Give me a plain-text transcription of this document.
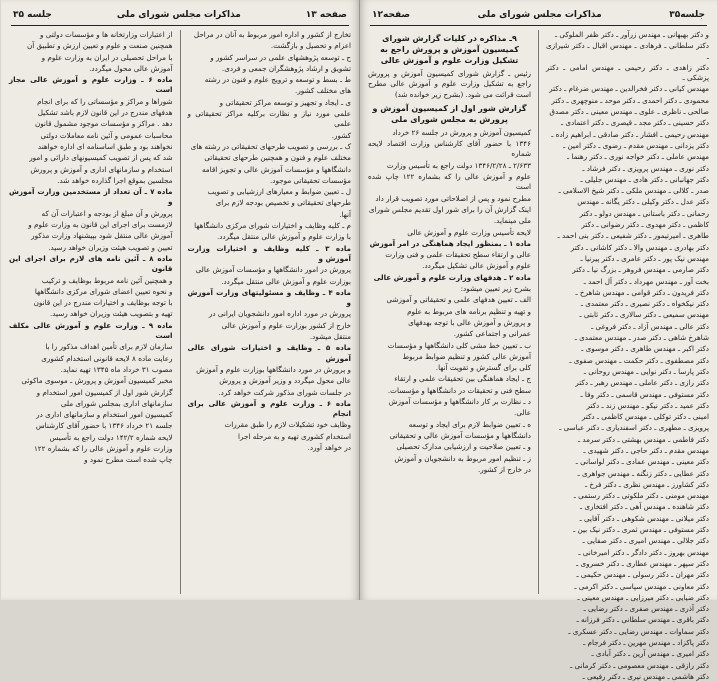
صفحه۱۲	مذاکرات مجلس شورای ملی	جلسه۳۵

و دکتر بهبهانی ـ مهندس زرآور ـ دکتر ظفر الملوکی ـ

دکتر سلطانی ـ فرهادی ـ مهندس اقبال ـ دکتر شیرازی ـ

دکتر زاهدی ـ دکتر رحیمی ـ مهندس امامی ـ دکتر پزشکی ـ

مهندس کیانی ـ دکتر فخرالدین ـ مهندس ضرغام ـ دکتر

محمودی ـ دکتر احمدی ـ دکتر موحد ـ منوچهری ـ دکتر

صالحی ـ ناظری ـ علوی ـ مهندس معینی ـ دکتر مصدق

دکتر حسینی ـ دکتر مجد ـ قیصری ـ دکتر اعتمادی ـ

مهندس رحیمی ـ افشار ـ دکتر صادقی ـ ابراهیم زاده ـ

دکتر یزدانی ـ مهندس مقدم ـ رضوی ـ دکتر امین ـ

مهندس عاملی ـ دکتر خواجه نوری ـ دکتر رهنما ـ

دکتر نوری ـ مهندس پرویزی ـ دکتر فرشاد ـ

دکتر جهانبانی ـ دکتر هادی ـ مهندس جلیلی ـ

صدر ـ کلالی ـ مهندس ملکی ـ دکتر شیخ الاسلامی ـ

دکتر عدل ـ دکتر وکیلی ـ دکتر یگانه ـ مهندس

رحمانی ـ دکتر باستانی ـ مهندس دولو ـ دکتر

کاظمی ـ دکتر مهدوی ـ دکتر رضوانی ـ دکتر

طاهری ـ امیرتیمور ـ دکتر شفیعی ـ دکتر بنی احمد ـ

دکتر بهادری ـ مهندس والا ـ دکتر کاشانی ـ دکتر

مهندس نیک پور ـ دکتر عامری ـ دکتر پیرنیا ـ

دکتر صارمی ـ مهندس فروهر ـ بزرگ نیا ـ دکتر

بخت آور ـ مهندس مهرداد ـ دکتر آل احمد ـ

دکتر فریدون ـ دکتر قوامی ـ مهندس شاهرخ ـ

دکتر نیکخواه ـ دکتر نصیری ـ دکتر معتمدی ـ

مهندس سمیعی ـ دکتر سالاری ـ دکتر ثابتی ـ

دکتر عالی ـ مهندس آزاد ـ دکتر فروغی ـ

شاهرخ شاهی ـ دکتر صدر ـ مهندس معتمدی ـ

دکتر اکبر ـ مهندس طاهری ـ دکتر موسوی ـ

دکتر مصطفوی ـ دکتر حکمت ـ مهندس صفوی ـ

دکتر پارسا ـ دکتر نوایی ـ مهندس روحانی ـ

دکتر رازی ـ دکتر عاملی ـ مهندس رهبر ـ دکتر

دکتر مستوفی ـ مهندس قاسمی ـ دکتر وفا ـ

دکتر عمید ـ دکتر نیکو ـ مهندس زند ـ دکتر

امینی ـ دکتر توکلی ـ مهندس کاظمی ـ دکتر

پرویزی ـ مطهری ـ دکتر اسفندیاری ـ دکتر عباسی ـ

دکتر فاطمی ـ مهندس بهشتی ـ دکتر سرمد ـ

مهندس مقدم ـ دکتر حاجی ـ دکتر شهیدی ـ

دکتر معینی ـ مهندس عمادی ـ دکتر لواسانی ـ

دکتر عطایی ـ دکتر زنگنه ـ مهندس جواهری ـ

دکتر کشاورز ـ مهندس نظری ـ دکتر فرخ ـ

مهندس مومنی ـ دکتر ملکوتی ـ دکتر رستمی ـ

دکتر شاهنده ـ مهندس آهی ـ دکتر افتخاری ـ

دکتر میلانی ـ مهندس شکوهی ـ دکتر آقایی ـ

دکتر مستوفی ـ مهندس ثمری ـ دکتر نیک بین ـ

دکتر جلالی ـ مهندس امیری ـ دکتر صفایی ـ

مهندس بهروز ـ دکتر دادگر ـ دکتر امیرخانی ـ

دکتر سپهر ـ مهندس عطاری ـ دکتر خسروی ـ

دکتر مهران ـ دکتر رسولی ـ مهندس حکیمی ـ

دکتر معاونی ـ مهندس سپاسی ـ دکتر اکرمی ـ

دکتر ضیایی ـ دکتر میرزایی ـ مهندس معینی ـ

دکتر آذری ـ مهندس صفری ـ دکتر رضایی ـ

دکتر باقری ـ مهندس سلطانی ـ دکتر فرزانه ـ

دکتر سماوات ـ مهندس رضایی ـ دکتر عسکری ـ

دکتر پاکزاد ـ مهندس مهرین ـ دکتر فرجام ـ

دکتر امیری ـ مهندس آرین ـ دکتر آبادی ـ

دکتر رازقی ـ مهندس معصومی ـ دکتر کرمانی ـ

دکتر هاشمی ـ مهندس نیری ـ دکتر رفیعی ـ

۹ـ مذاکره در کلیات گزارش شورای کمیسیون آموزش و پرورش راجع به تشکیل وزارت علوم و آموزش عالی

رئیس ـ گزارش شورای کمیسیون آموزش و پرورش راجع به تشکیل وزارت علوم و آموزش عالی مطرح است قرائت می شود. (بشرح زیر خوانده شد)

گزارش شور اول از کمیسیون آموزش و پرورش به مجلس شورای ملی

کمیسیون آموزش و پرورش در جلسه ۲۶ خرداد

۱۳۴۶ با حضور آقای کارشناس وزارت اقتصاد لایحه شماره

۲/۶۳۳ ـ ۱۳۴۶/۲/۲۸ دولت راجع به تأسیس وزارت

علوم و آموزش عالی را که بشماره ۱۲۲ چاپ شده است

مطرح نمود و پس از اصلاحاتی مورد تصویب قرار داد

اینک گزارش آن را برای شور اول تقدیم مجلس شورای

ملی مینماید.

لایحه تأسیس وزارت علوم و آموزش عالی

ماده ۱ ـ بمنظور ایجاد هماهنگی در امر آموزش

عالی و ارتقاء سطح تحقیقات علمی و فنی وزارت

علوم و آموزش عالی تشکیل میگردد.

ماده ۲ ـ هدفهای وزارت علوم و آموزش عالی

بشرح زیر تعیین میشود:

الف ـ تعیین هدفهای علمی و تحقیقاتی و آموزشی

و تهیه و تنظیم برنامه های مربوط به علوم

و پرورش و آموزش عالی با توجه بهدفهای

عمرانی و اجتماعی کشور.

ب ـ تعیین خط مشی کلی دانشگاهها و مؤسسات

آموزش عالی کشور و تنظیم ضوابط مربوط

کلی برای گسترش و تقویت آنها.

ج ـ ایجاد هماهنگی بین تحقیقات علمی و ارتقاء

سطح فنی و تحقیقات در دانشگاهها و مؤسسات.

د ـ نظارت بر کار دانشگاهها و مؤسسات آموزش

عالی.

ه ـ تعیین ضوابط لازم برای ایجاد و توسعه

دانشگاهها و مؤسسات آموزش عالی و تحقیقاتی

و ـ تعیین صلاحیت و ارزشیابی مدارک تحصیلی

ز ـ تنظیم امور مربوط به دانشجویان و آموزش

در خارج از کشور.

جلسه ۳۵	مذاکرات مجلس شورای ملی	صفحه ۱۳

تخارج از کشور و اداره امور مربوط به آنان در مراحل

اعزام و تحصیل و بازگشت.

ح ـ توسعه پژوهشهای علمی در سراسر کشور و

تشویق و ارشاد پژوهشگران جمعی و فردی.

ط ـ بسط و توسعه و ترویج علوم و فنون در رشته

های مختلف کشور.

ی ـ ایجاد و تجهیز و توسعه مراکز تحقیقاتی و

علمی مورد نیاز و نظارت برکلیه مراکز تحقیقاتی و علمی

کشور.

ک ـ بررسی و تصویب طرحهای تحقیقاتی در رشته های

مختلف علوم و فنون و همچنین طرحهای تحقیقاتی

دانشگاهها و مؤسسات آموزش عالی و تجویز اقامه

مؤسسات تحقیقاتی موجود.

ل ـ تعیین ضوابط و معیارهای ارزشیابی و تصویب

طرحهای تحقیقاتی و تخصیص بودجه لازم برای

آنها.

م ـ کلیه وظایف و اختیارات شورای مرکزی دانشگاهها

با وزارت علوم و آموزش عالی منتقل میگردد.

ماده ۳ ـ کلیه وظایف و اختیارات وزارت آموزش و

پرورش در امور دانشگاهها و مؤسسات آموزش عالی

بوزارت علوم و آموزش عالی منتقل میگردد.

ماده ۴ ـ وظایف و مسئولیتهای وزارت آموزش و

پرورش در مورد اداره امور دانشجویان ایرانی در

خارج از کشور بوزارت علوم و آموزش عالی

منتقل میشود.

ماده ۵ ـ وظایف و اختیارات شورای عالی آموزش

و پرورش در مورد دانشگاهها بوزارت علوم و آموزش

عالی محول میگردد و وزیر آموزش و پرورش

در جلسات شورای مذکور شرکت خواهد کرد.

ماده ۶ ـ وزارت علوم و آموزش عالی برای انجام

وظایف خود تشکیلات لازم را طبق مقررات

استخدام کشوری تهیه و به مرحله اجرا

در خواهد آورد.

از اعتبارات وزارتخانه ها و مؤسسات دولتی و

همچنین صنعت و علوم و تعیین ارزش و تطبیق آن

با مراحل تحصیلی در ایران به وزارت علوم و

آموزش عالی محول میگردد.

ماده ۶ ـ وزارت علوم و آموزش عالی مجاز است

شوراها و مراکز و مؤسساتی را که برای انجام

هدفهای مندرج در این قانون لازم باشد تشکیل

دهد . مراکز و مؤسسات موجود مشمول قانون

محاسبات عمومی و آئین نامه معاملات دولتی

نخواهند بود و طبق اساسنامه ای اداره خواهند

شد که پس از تصویب کمیسیونهای دارائی و امور

استخدام و سازمانهای اداری و آموزش و پرورش

مجلسین بموقع اجرا گذارده خواهد شد.

ماده ۷ ـ آن تعداد از مستخدمین وزارت آموزش و

پرورش و آن مبلغ از بودجه و اعتبارات آن که

لازمست برای اجرای این قانون به وزارت علوم و

آموزش عالی منتقل شود بپیشنهاد وزارت مذکور

تعیین و تصویب هیئت وزیران خواهد رسید.

ماده ۸ ـ آئین نامه های لازم برای اجرای این قانون

و همچنین آئین نامه مربوط بوظایف و ترکیب

و نحوه تعیین اعضای شورای مرکزی دانشگاهها

با توجه بوظایف و اختیارات مندرج در این قانون

تهیه و بتصویب هیئت وزیران خواهد رسید.

ماده ۹ ـ وزارت علوم و آموزش عالی مکلف است

سازمان لازم برای تأمین اهداف مذکور را با

رعایت ماده ۸ لایحه قانونی استخدام کشوری

مصوب ۳۱ خرداد ماه ۱۳۴۵ تهیه نماید.

مخبر کمیسیون آموزش و پرورش ـ موسوی ماکوئی

گزارش شور اول از کمیسیون امور استخدام و

سازمانهای اداری بمجلس شورای ملی

کمیسیون امور استخدام و سازمانهای اداری در

جلسه ۲۱ خرداد ۱۳۴۶ با حضور آقای کارشناس

لایحه شماره ۱۴۲/۲ دولت راجع به تأسیس

وزارت علوم و آموزش عالی را که بشماره ۱۲۲

چاپ شده است مطرح نمود و
